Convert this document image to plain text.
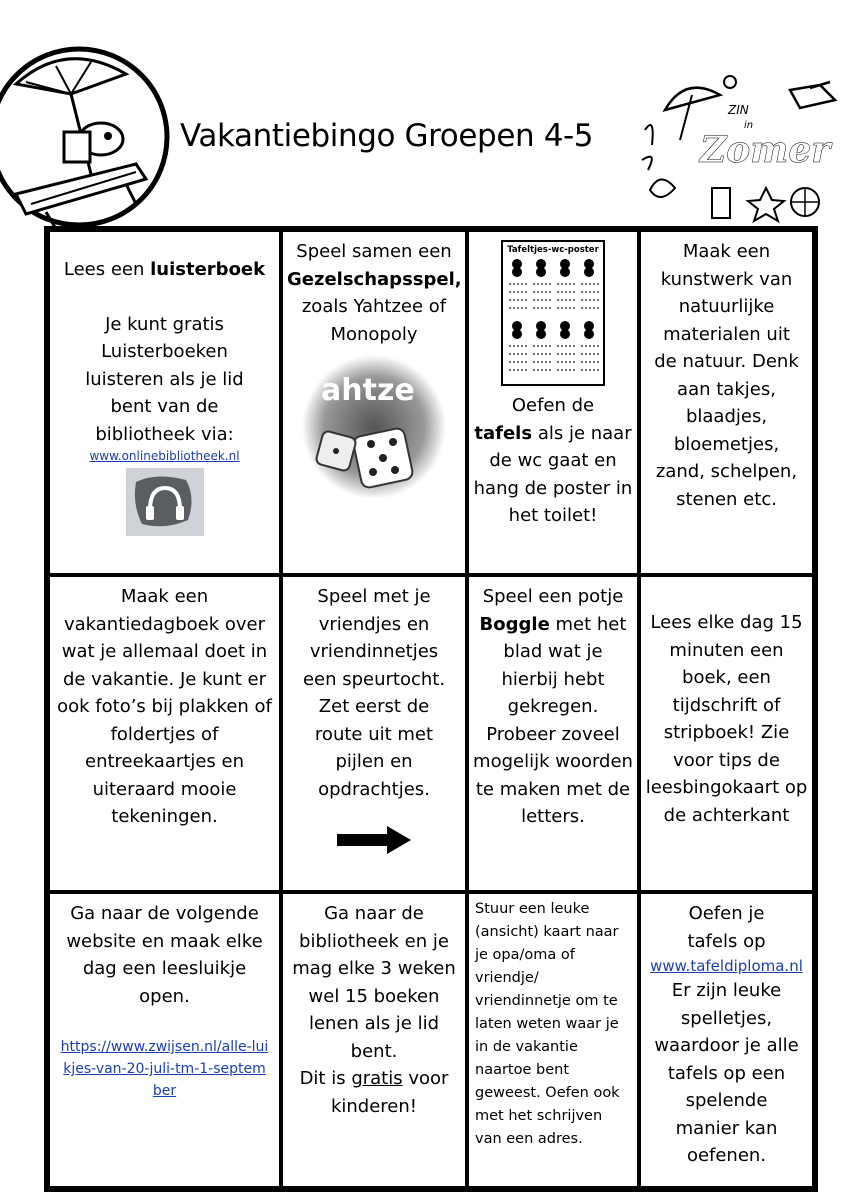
Vakantiebingo Groepen 4-5
ZIN
in
Zomer
Lees een luisterboek
Je kunt gratis Luisterboeken luisteren als je lid bent van de bibliotheek via:
www.onlinebibliotheek.nl
Speel samen een
Gezelschapsspel,
zoals Yahtzee of Monopoly
ahtze
Tafeltjes-wc-poster
Oefen de
tafels als je naar de wc gaat en hang de poster in het toilet!
Maak een kunstwerk van natuurlijke materialen uit de natuur. Denk aan takjes, blaadjes, bloemetjes, zand, schelpen, stenen etc.
Maak een vakantiedagboek over wat je allemaal doet in de vakantie. Je kunt er ook foto’s bij plakken of foldertjes of entreekaartjes en uiteraard mooie tekeningen.
Speel met je vriendjes en vriendinnetjes een speurtocht. Zet eerst de route uit met pijlen en opdrachtjes.
Speel een potje
Boggle met het blad wat je hierbij hebt gekregen. Probeer zoveel mogelijk woorden te maken met de letters.
Lees elke dag 15 minuten een boek, een tijdschrift of stripboek! Zie voor tips de leesbingokaart op de achterkant
Ga naar de volgende website en maak elke dag een leesluikje open.
https://www.zwijsen.nl/alle-luikjes-van-20-juli-tm-1-september
Ga naar de bibliotheek en je mag elke 3 weken wel 15 boeken lenen als je lid bent.
Dit is gratis voor kinderen!
Stuur een leuke (ansicht) kaart naar je opa/oma of vriendje/ vriendinnetje om te laten weten waar je in de vakantie naartoe bent geweest. Oefen ook met het schrijven van een adres.
Oefen je tafels op
www.tafeldiploma.nl
Er zijn leuke spelletjes, waardoor je alle tafels op een spelende manier kan oefenen.
